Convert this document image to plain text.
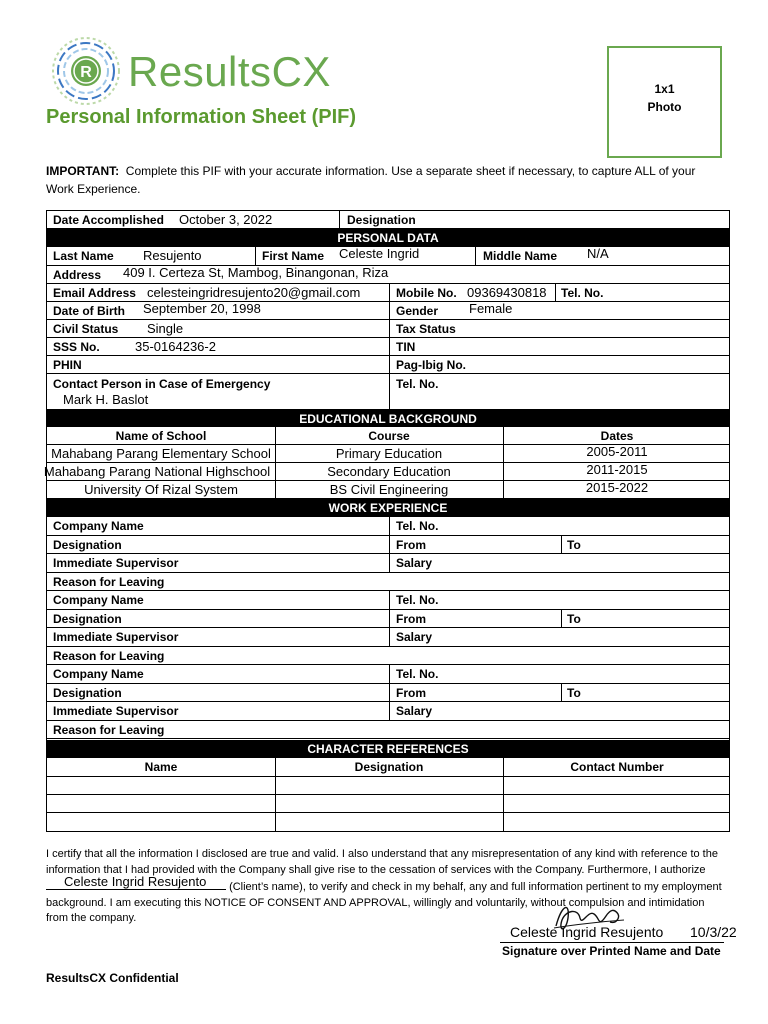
R ResultsCX
Personal Information Sheet (PIF)
1x1
Photo
IMPORTANT: Complete this PIF with your accurate information. Use a separate sheet if necessary, to capture ALL of your Work Experience.
Date Accomplished October 3, 2022	Designation
PERSONAL DATA
Last Name Resujento	First Name Celeste Ingrid	Middle Name N/A
Address 409 I. Certeza St, Mambog, Binangonan, Riza
Email Address celesteingridresujento20@gmail.com	Mobile No. 09369430818 Tel. No.
Date of Birth September 20, 1998	Gender Female
Civil Status Single	Tax Status
SSS No.	35-0164236-2	TIN
PHIN	Pag-Ibig No.
Contact Person in Case of Emergency
Mark H. Baslot
Tel. No.
EDUCATIONAL BACKGROUND
Name of School	Course	Dates
Mahabang Parang Elementary School	Primary Education	2005-2011
Mahabang Parang National Highschool	Secondary Education	2011-2015
University Of Rizal System	BS Civil Engineering	2015-2022
WORK EXPERIENCE
Company Name	Tel. No.
Designation	From	To
Immediate Supervisor	Salary
Reason for Leaving
Company Name	Tel. No.
Designation	From	To
Immediate Supervisor	Salary
Reason for Leaving
Company Name	Tel. No.
Designation	From	To
Immediate Supervisor	Salary
Reason for Leaving
CHARACTER REFERENCES
Name	Designation	Contact Number
I certify that all the information I disclosed are true and valid. I also understand that any misrepresentation of any kind with reference to the information that I had provided with the Company shall give rise to the cessation of services with the Company. Furthermore, I authorize
Celeste Ingrid Resujento (Client’s name), to verify and check in my behalf, any and full information pertinent to my employment background. I am executing this NOTICE OF CONSENT AND APPROVAL, willingly and voluntarily, without compulsion and intimidation from the company.
Celeste Ingrid Resujento 10/3/22
Signature over Printed Name and Date
ResultsCX Confidential
